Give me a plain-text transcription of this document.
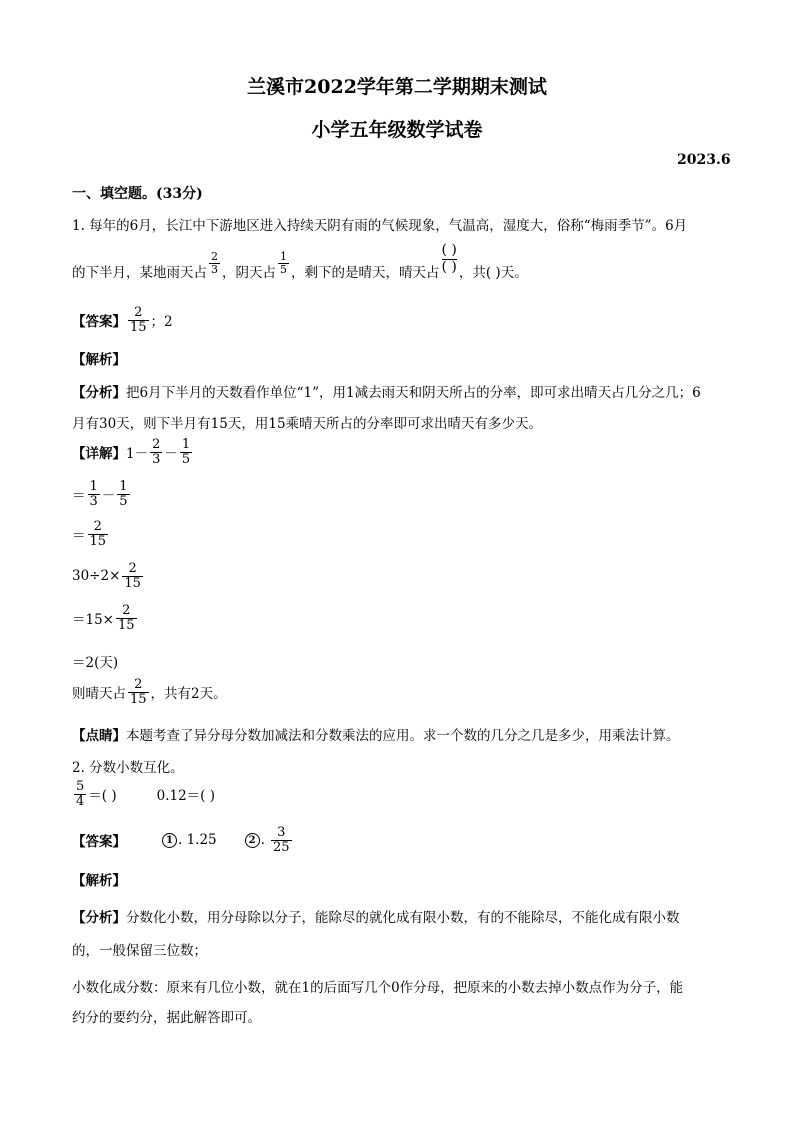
兰溪市2022学年第二学期期末测试
小学五年级数学试卷
2023.6
一、填空题。(33分)
1. 每年的6月，长江中下游地区进入持续天阴有雨的气候现象，气温高，湿度大，俗称“梅雨季节”。6月
的下半月，某地雨天占 $\frac{2}{3}$ ，阴天占 $\frac{1}{5}$ ，剩下的是晴天，晴天占 $\frac{( )}{( )}$ ，共( )天。
【答案】 $\frac{2}{15}$ ；2
【解析】
【分析】把6月下半月的天数看作单位“1”，用1减去雨天和阴天所占的分率，即可求出晴天占几分之几；6
月有30天，则下半月有15天，用15乘晴天所占的分率即可求出晴天有多少天。
【详解】 $1- \frac{2}{3} - \frac{1}{5}$
＝ $\frac{1}{3} - \frac{1}{5}$
＝ $\frac{2}{15}$
$30\div 2\times \frac{2}{15}$
$=15\times \frac{2}{15}$
＝2(天)
则晴天占 $\frac{2}{15}$ ，共有2天。
【点睛】本题考查了异分母分数加减法和分数乘法的应用。求一个数的几分之几是多少，用乘法计算。
2. 分数小数互化。
$\frac{5}{4}$ ＝( )	0.12＝( )
【答案】	1 . 1.25	2 . $\frac{3}{25}$
【解析】
【分析】分数化小数，用分母除以分子，能除尽的就化成有限小数，有的不能除尽，不能化成有限小数
的，一般保留三位数；
小数化成分数：原来有几位小数，就在1的后面写几个0作分母，把原来的小数去掉小数点作为分子，能
约分的要约分，据此解答即可。
